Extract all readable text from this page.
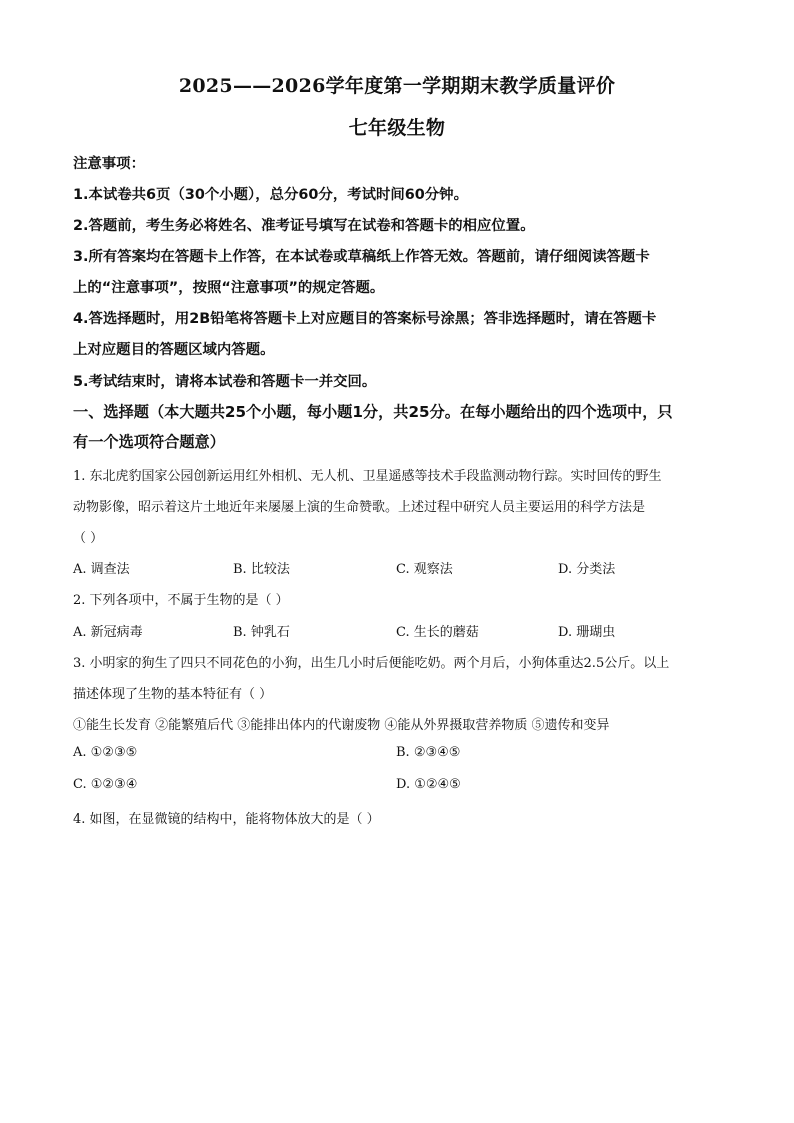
2025——2026学年度第一学期期末教学质量评价
七年级生物
注意事项：
1.本试卷共6页（30个小题），总分60分，考试时间60分钟。
2.答题前，考生务必将姓名、准考证号填写在试卷和答题卡的相应位置。
3.所有答案均在答题卡上作答，在本试卷或草稿纸上作答无效。答题前，请仔细阅读答题卡
上的“注意事项”，按照“注意事项”的规定答题。
4.答选择题时，用2B铅笔将答题卡上对应题目的答案标号涂黑；答非选择题时，请在答题卡
上对应题目的答题区域内答题。
5.考试结束时，请将本试卷和答题卡一并交回。
一、选择题（本大题共25个小题，每小题1分，共25分。在每小题给出的四个选项中，只
有一个选项符合题意）
1. 东北虎豹国家公园创新运用红外相机、无人机、卫星遥感等技术手段监测动物行踪。实时回传的野生
动物影像，昭示着这片土地近年来屡屡上演的生命赞歌。上述过程中研究人员主要运用的科学方法是
（ ）
A. 调查法	B. 比较法	C. 观察法	D. 分类法
2. 下列各项中，不属于生物的是（ ）
A. 新冠病毒	B. 钟乳石	C. 生长的蘑菇	D. 珊瑚虫
3. 小明家的狗生了四只不同花色的小狗，出生几小时后便能吃奶。两个月后，小狗体重达2.5公斤。以上
描述体现了生物的基本特征有（ ）
①能生长发育 ②能繁殖后代 ③能排出体内的代谢废物 ④能从外界摄取营养物质 ⑤遗传和变异
A. ①②③⑤	B. ②③④⑤
C. ①②③④	D. ①②④⑤
4. 如图，在显微镜的结构中，能将物体放大的是（ ）
